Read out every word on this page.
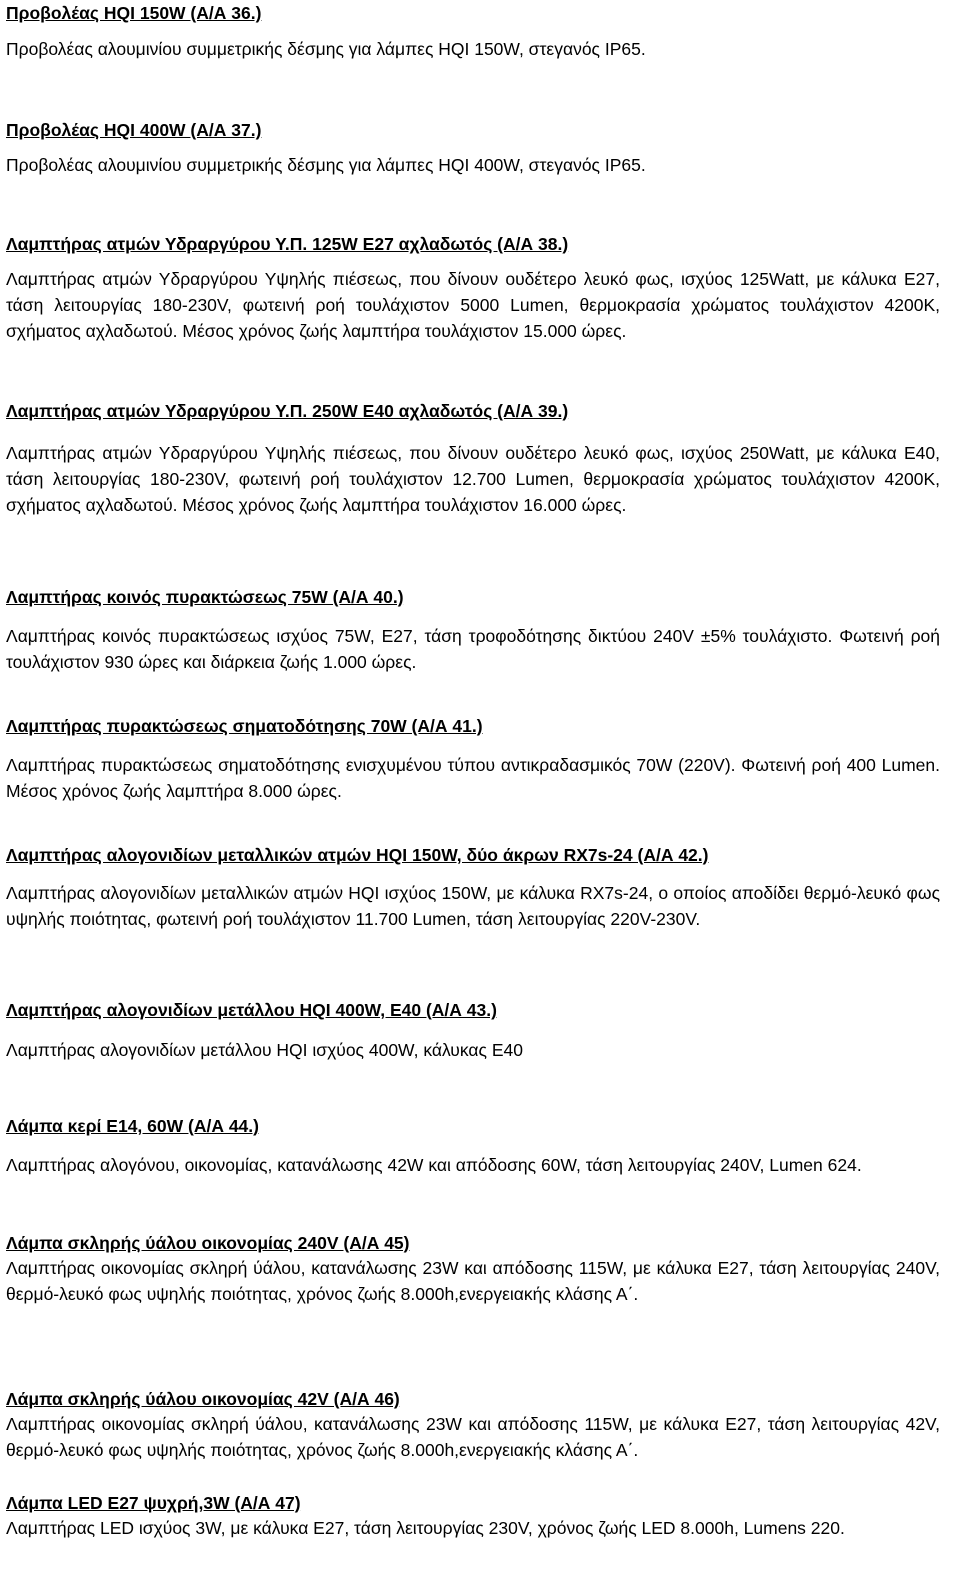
Προβολέας HQI 150W (Α/Α 36.)
Προβολέας αλουμινίου συμμετρικής δέσμης για λάμπες HQI 150W, στεγανός IP65.
Προβολέας HQI 400W (Α/Α 37.)
Προβολέας αλουμινίου συμμετρικής δέσμης για λάμπες HQI 400W, στεγανός IP65.
Λαμπτήρας ατμών Υδραργύρου Υ.Π. 125W E27 αχλαδωτός (Α/Α 38.)
Λαμπτήρας ατμών Υδραργύρου Υψηλής πιέσεως, που δίνουν ουδέτερο λευκό φως, ισχύος 125Watt, με κάλυκα Ε27, τάση λειτουργίας 180-230V, φωτεινή ροή τουλάχιστον 5000 Lumen, θερμοκρασία χρώματος τουλάχιστον 4200Κ, σχήματος αχλαδωτού. Μέσος χρόνος ζωής λαμπτήρα τουλάχιστον 15.000 ώρες.
Λαμπτήρας ατμών Υδραργύρου Υ.Π. 250W E40 αχλαδωτός (Α/Α 39.)
Λαμπτήρας ατμών Υδραργύρου Υψηλής πιέσεως, που δίνουν ουδέτερο λευκό φως, ισχύος 250Watt, με κάλυκα Ε40, τάση λειτουργίας 180-230V, φωτεινή ροή τουλάχιστον 12.700 Lumen, θερμοκρασία χρώματος τουλάχιστον 4200Κ, σχήματος αχλαδωτού. Μέσος χρόνος ζωής λαμπτήρα τουλάχιστον 16.000 ώρες.
Λαμπτήρας κοινός πυρακτώσεως 75W (Α/Α 40.)
Λαμπτήρας κοινός πυρακτώσεως ισχύος 75W, E27, τάση τροφοδότησης δικτύου 240V ±5% τουλάχιστο. Φωτεινή ροή τουλάχιστον 930 ώρες και διάρκεια ζωής 1.000 ώρες.
Λαμπτήρας πυρακτώσεως σηματοδότησης 70W (Α/Α 41.)
Λαμπτήρας πυρακτώσεως σηματοδότησης ενισχυμένου τύπου αντικραδασμικός 70W (220V). Φωτεινή ροή 400 Lumen. Μέσος χρόνος ζωής λαμπτήρα 8.000 ώρες.
Λαμπτήρας αλογονιδίων μεταλλικών ατμών HQI 150W, δύο άκρων RX7s-24 (Α/Α 42.)
Λαμπτήρας αλογονιδίων μεταλλικών ατμών HQI ισχύος 150W, με κάλυκα RX7s-24, ο οποίος αποδίδει θερμό-λευκό φως υψηλής ποιότητας, φωτεινή ροή τουλάχιστον 11.700 Lumen, τάση λειτουργίας 220V-230V.
Λαμπτήρας αλογονιδίων μετάλλου HQI 400W, E40 (Α/Α 43.)
Λαμπτήρας αλογονιδίων μετάλλου HQI ισχύος 400W, κάλυκας Ε40
Λάμπα κερί Ε14, 60W (Α/Α 44.)
Λαμπτήρας αλογόνου, οικονομίας, κατανάλωσης 42W και απόδοσης 60W, τάση λειτουργίας 240V, Lumen 624.
Λάμπα σκληρής ύάλου οικονομίας 240V (Α/Α 45)
Λαμπτήρας οικονομίας σκληρή ύάλου, κατανάλωσης 23W και απόδοσης 115W, με κάλυκα Ε27, τάση λειτουργίας 240V, θερμό-λευκό φως υψηλής ποιότητας, χρόνος ζωής 8.000h,ενεργειακής κλάσης Α΄.
Λάμπα σκληρής ύάλου οικονομίας 42V (Α/Α 46)
Λαμπτήρας οικονομίας σκληρή ύάλου, κατανάλωσης 23W και απόδοσης 115W, με κάλυκα Ε27, τάση λειτουργίας 42V, θερμό-λευκό φως υψηλής ποιότητας, χρόνος ζωής 8.000h,ενεργειακής κλάσης Α΄.
Λάμπα LED E27 ψυχρή,3W (Α/Α 47)
Λαμπτήρας LED ισχύος 3W, με κάλυκα Ε27, τάση λειτουργίας 230V, χρόνος ζωής LED 8.000h, Lumens 220.
